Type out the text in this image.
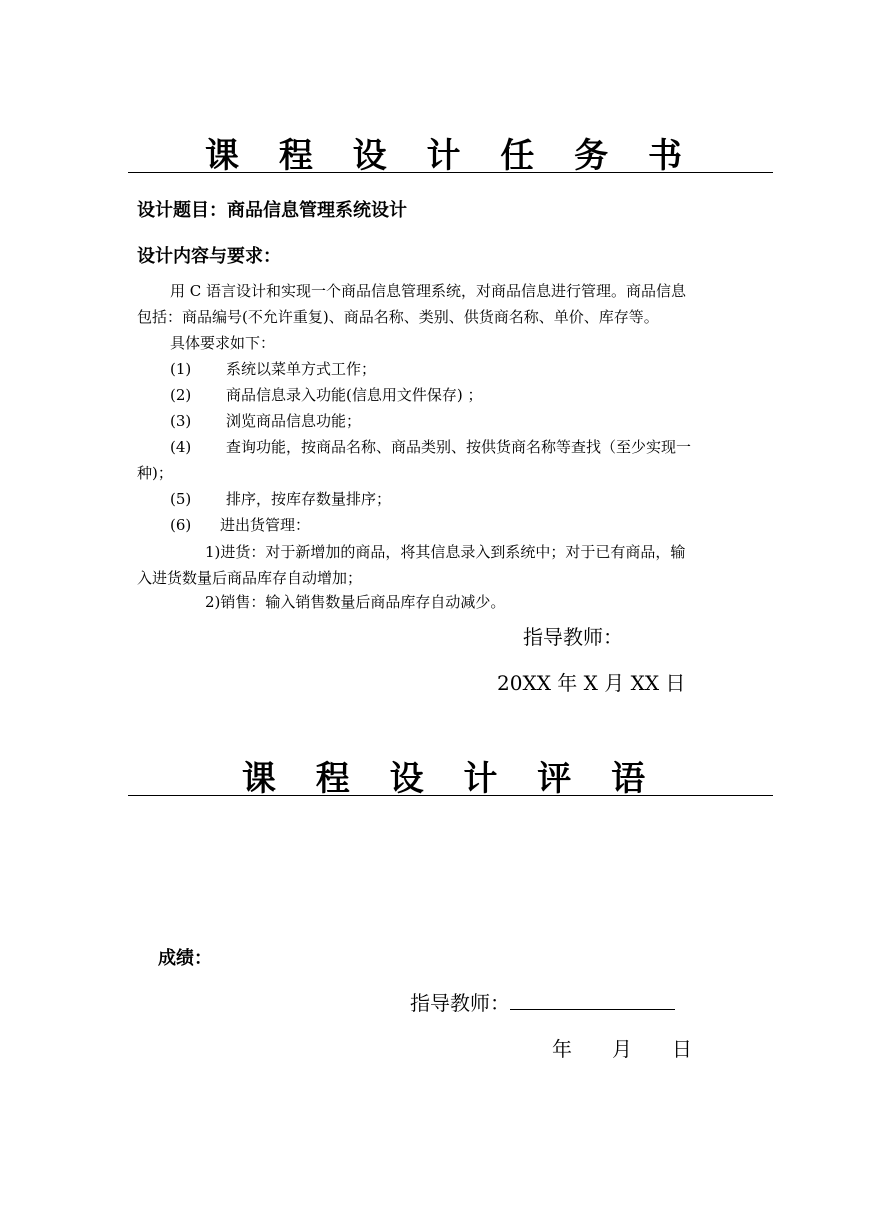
课 程 设 计 任 务 书
设计题目：商品信息管理系统设计
设计内容与要求：
用 C 语言设计和实现一个商品信息管理系统，对商品信息进行管理。商品信息
包括：商品编号(不允许重复)、商品名称、类别、供货商名称、单价、库存等。
具体要求如下：
(1) 系统以菜单方式工作；
(2) 商品信息录入功能(信息用文件保存) ；
(3) 浏览商品信息功能；
(4) 查询功能，按商品名称、商品类别、按供货商名称等查找（至少实现一
种)；
(5) 排序，按库存数量排序；
(6) 进出货管理：
1)进货：对于新增加的商品，将其信息录入到系统中；对于已有商品，输
入进货数量后商品库存自动增加；
2)销售：输入销售数量后商品库存自动减少。
指导教师：
20XX 年 X 月 XX 日
课 程 设 计 评 语
成绩：
指导教师：
年　　月　　日
